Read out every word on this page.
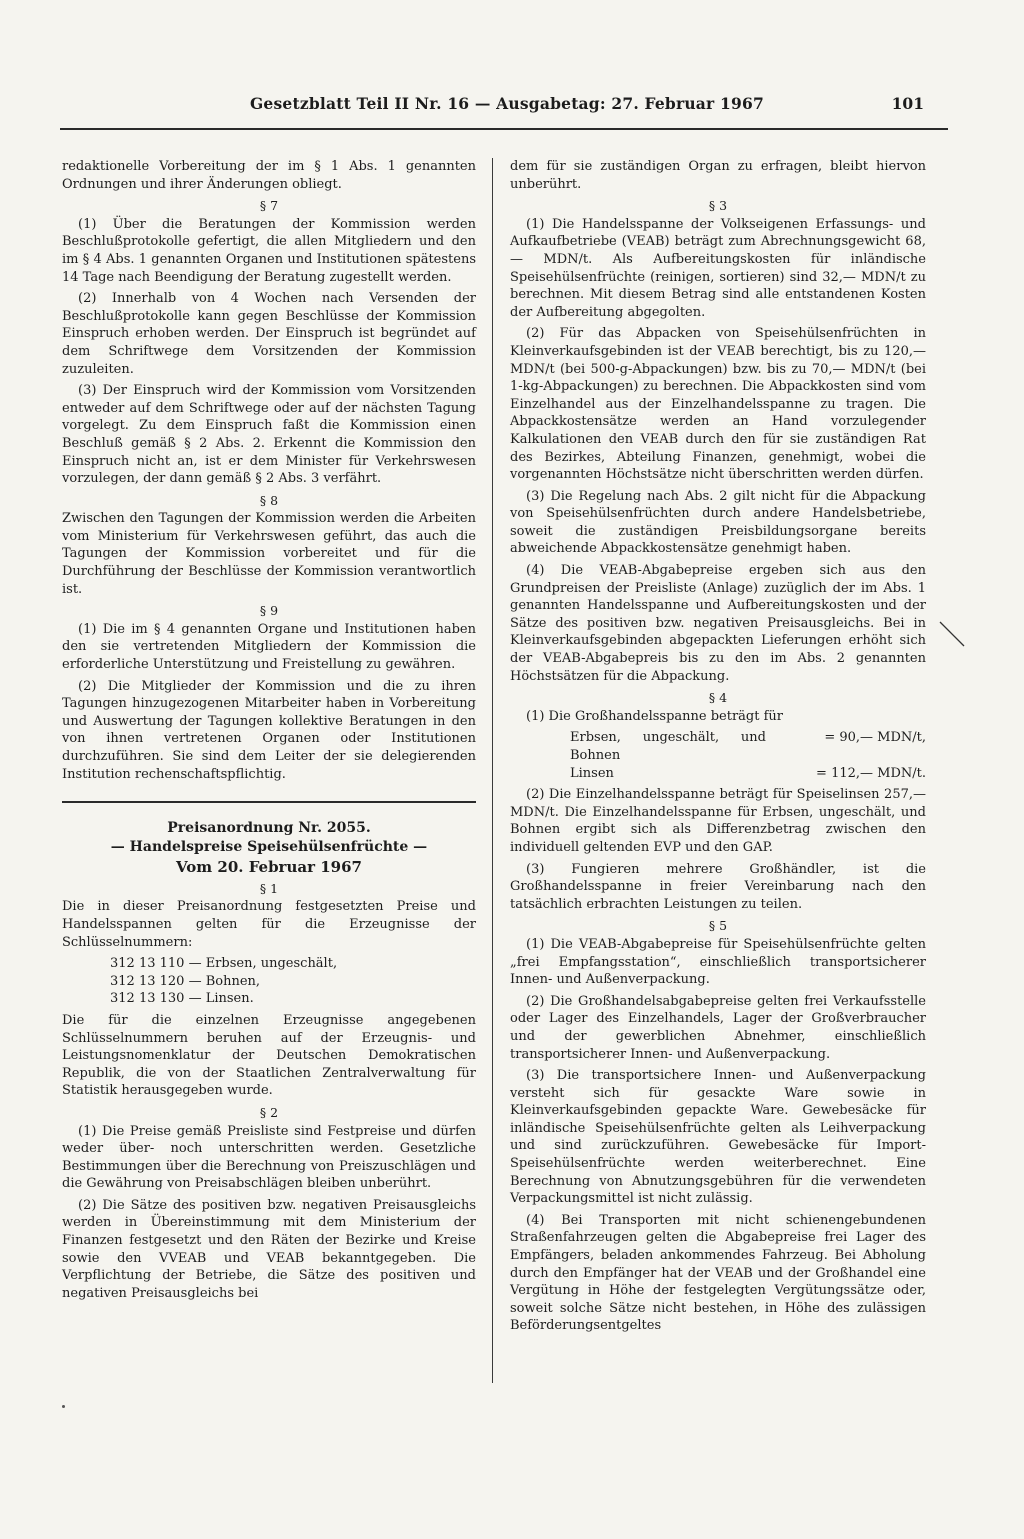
Gesetzblatt Teil II Nr. 16 — Ausgabetag: 27. Februar 1967	101

redaktionelle Vorbereitung der im § 1 Abs. 1 genannten Ordnungen und ihrer Änderungen obliegt.

§ 7

(1) Über die Beratungen der Kommission werden Beschlußprotokolle gefertigt, die allen Mitgliedern und den im § 4 Abs. 1 genannten Organen und Institutionen spätestens 14 Tage nach Beendigung der Beratung zugestellt werden.

(2) Innerhalb von 4 Wochen nach Versenden der Beschlußprotokolle kann gegen Beschlüsse der Kommission Einspruch erhoben werden. Der Einspruch ist begründet auf dem Schriftwege dem Vorsitzenden der Kommission zuzuleiten.

(3) Der Einspruch wird der Kommission vom Vorsitzenden entweder auf dem Schriftwege oder auf der nächsten Tagung vorgelegt. Zu dem Einspruch faßt die Kommission einen Beschluß gemäß § 2 Abs. 2. Erkennt die Kommission den Einspruch nicht an, ist er dem Minister für Verkehrswesen vorzulegen, der dann gemäß § 2 Abs. 3 verfährt.

§ 8

Zwischen den Tagungen der Kommission werden die Arbeiten vom Ministerium für Verkehrswesen geführt, das auch die Tagungen der Kommission vorbereitet und für die Durchführung der Beschlüsse der Kommission verantwortlich ist.

§ 9

(1) Die im § 4 genannten Organe und Institutionen haben den sie vertretenden Mitgliedern der Kommission die erforderliche Unterstützung und Freistellung zu gewähren.

(2) Die Mitglieder der Kommission und die zu ihren Tagungen hinzugezogenen Mitarbeiter haben in Vorbereitung und Auswertung der Tagungen kollektive Beratungen in den von ihnen vertretenen Organen oder Institutionen durchzuführen. Sie sind dem Leiter der sie delegierenden Institution rechenschaftspflichtig.

Preisanordnung Nr. 2055.
— Handelspreise Speisehülsenfrüchte —
Vom 20. Februar 1967
§ 1

Die in dieser Preisanordnung festgesetzten Preise und Handelsspannen gelten für die Erzeugnisse der Schlüsselnummern:

312 13 110 — Erbsen, ungeschält,
312 13 120 — Bohnen,
312 13 130 — Linsen.

Die für die einzelnen Erzeugnisse angegebenen Schlüsselnummern beruhen auf der Erzeugnis- und Leistungsnomenklatur der Deutschen Demokratischen Republik, die von der Staatlichen Zentralverwaltung für Statistik herausgegeben wurde.

§ 2

(1) Die Preise gemäß Preisliste sind Festpreise und dürfen weder über- noch unterschritten werden. Gesetzliche Bestimmungen über die Berechnung von Preiszuschlägen und die Gewährung von Preisabschlägen bleiben unberührt.

(2) Die Sätze des positiven bzw. negativen Preisausgleichs werden in Übereinstimmung mit dem Ministerium der Finanzen festgesetzt und den Räten der Bezirke und Kreise sowie den VVEAB und VEAB bekanntgegeben. Die Verpflichtung der Betriebe, die Sätze des positiven und negativen Preisausgleichs bei

dem für sie zuständigen Organ zu erfragen, bleibt hiervon unberührt.

§ 3

(1) Die Handelsspanne der Volkseigenen Erfassungs- und Aufkaufbetriebe (VEAB) beträgt zum Abrechnungsgewicht 68,— MDN/t. Als Aufbereitungskosten für inländische Speisehülsenfrüchte (reinigen, sortieren) sind 32,— MDN/t zu berechnen. Mit diesem Betrag sind alle entstandenen Kosten der Aufbereitung abgegolten.

(2) Für das Abpacken von Speisehülsenfrüchten in Kleinverkaufsgebinden ist der VEAB berechtigt, bis zu 120,— MDN/t (bei 500-g-Abpackungen) bzw. bis zu 70,— MDN/t (bei 1-kg-Abpackungen) zu berechnen. Die Abpackkosten sind vom Einzelhandel aus der Einzelhandelsspanne zu tragen. Die Abpackkostensätze werden an Hand vorzulegender Kalkulationen den VEAB durch den für sie zuständigen Rat des Bezirkes, Abteilung Finanzen, genehmigt, wobei die vorgenannten Höchstsätze nicht überschritten werden dürfen.

(3) Die Regelung nach Abs. 2 gilt nicht für die Abpackung von Speisehülsenfrüchten durch andere Handelsbetriebe, soweit die zuständigen Preisbildungsorgane bereits abweichende Abpackkostensätze genehmigt haben.

(4) Die VEAB-Abgabepreise ergeben sich aus den Grundpreisen der Preisliste (Anlage) zuzüglich der im Abs. 1 genannten Handelsspanne und Aufbereitungskosten und der Sätze des positiven bzw. negativen Preisausgleichs. Bei in Kleinverkaufsgebinden abgepackten Lieferungen erhöht sich der VEAB-Abgabepreis bis zu den im Abs. 2 genannten Höchstsätzen für die Abpackung.

§ 4

(1) Die Großhandelsspanne beträgt für

Erbsen, ungeschält, und Bohnen
= 90,— MDN/t,
Linsen	= 112,— MDN/t.

(2) Die Einzelhandelsspanne beträgt für Speiselinsen 257,— MDN/t. Die Einzelhandelsspanne für Erbsen, ungeschält, und Bohnen ergibt sich als Differenzbetrag zwischen den individuell geltenden EVP und den GAP.

(3) Fungieren mehrere Großhändler, ist die Großhandelsspanne in freier Vereinbarung nach den tatsächlich erbrachten Leistungen zu teilen.

§ 5

(1) Die VEAB-Abgabepreise für Speisehülsenfrüchte gelten „frei Empfangsstation“, einschließlich transportsicherer Innen- und Außenverpackung.

(2) Die Großhandelsabgabepreise gelten frei Verkaufsstelle oder Lager des Einzelhandels, Lager der Großverbraucher und der gewerblichen Abnehmer, einschließlich transportsicherer Innen- und Außenverpackung.

(3) Die transportsichere Innen- und Außenverpackung versteht sich für gesackte Ware sowie in Kleinverkaufsgebinden gepackte Ware. Gewebesäcke für inländische Speisehülsenfrüchte gelten als Leihverpackung und sind zurückzuführen. Gewebesäcke für Import-Speisehülsenfrüchte werden weiterberechnet. Eine Berechnung von Abnutzungsgebühren für die verwendeten Verpackungsmittel ist nicht zulässig.

(4) Bei Transporten mit nicht schienengebundenen Straßenfahrzeugen gelten die Abgabepreise frei Lager des Empfängers, beladen ankommendes Fahrzeug. Bei Abholung durch den Empfänger hat der VEAB und der Großhandel eine Vergütung in Höhe der festgelegten Vergütungssätze oder, soweit solche Sätze nicht bestehen, in Höhe des zulässigen Beförderungsentgeltes
